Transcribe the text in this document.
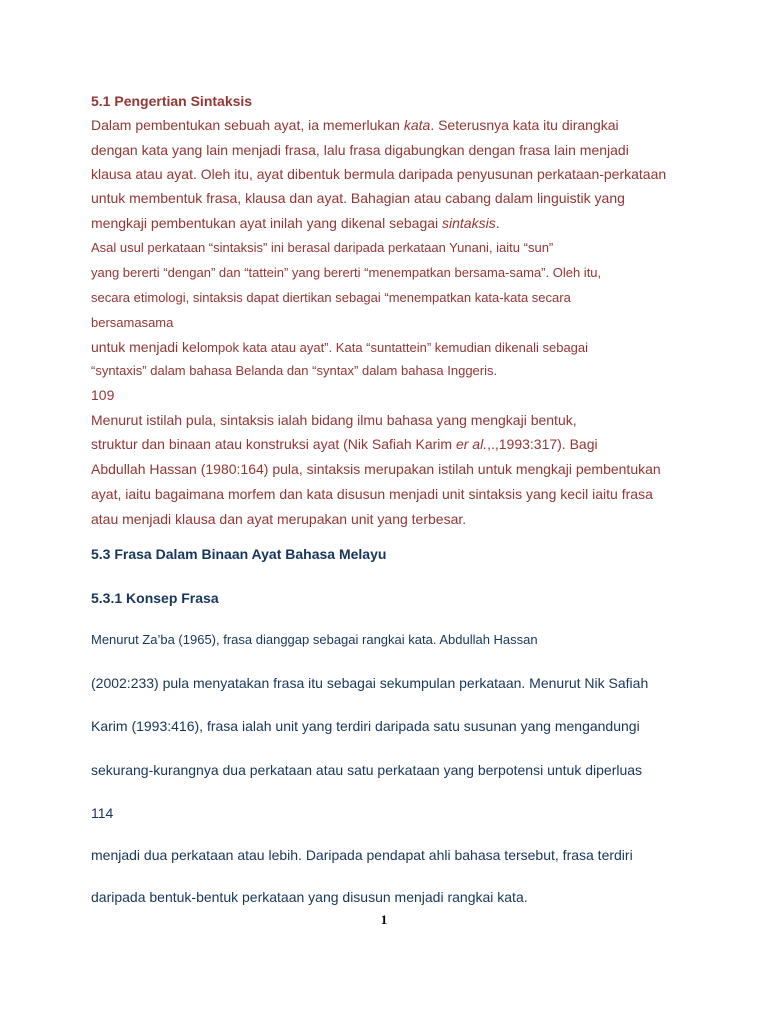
5.1 Pengertian Sintaksis
Dalam pembentukan sebuah ayat, ia memerlukan kata. Seterusnya kata itu dirangkai
dengan kata yang lain menjadi frasa, lalu frasa digabungkan dengan frasa lain menjadi
klausa atau ayat. Oleh itu, ayat dibentuk bermula daripada penyusunan perkataan-perkataan
untuk membentuk frasa, klausa dan ayat. Bahagian atau cabang dalam linguistik yang
mengkaji pembentukan ayat inilah yang dikenal sebagai sintaksis.
Asal usul perkataan “sintaksis” ini berasal daripada perkataan Yunani, iaitu “sun”
yang bererti “dengan” dan “tattein” yang bererti “menempatkan bersama-sama”. Oleh itu,
secara etimologi, sintaksis dapat diertikan sebagai “menempatkan kata-kata secara
bersamasama
untuk menjadi kelompok kata atau ayat”. Kata “suntattein” kemudian dikenali sebagai
“syntaxis” dalam bahasa Belanda dan “syntax” dalam bahasa Inggeris.
109
Menurut istilah pula, sintaksis ialah bidang ilmu bahasa yang mengkaji bentuk,
struktur dan binaan atau konstruksi ayat (Nik Safiah Karim er al.,.,1993:317). Bagi
Abdullah Hassan (1980:164) pula, sintaksis merupakan istilah untuk mengkaji pembentukan
ayat, iaitu bagaimana morfem dan kata disusun menjadi unit sintaksis yang kecil iaitu frasa
atau menjadi klausa dan ayat merupakan unit yang terbesar.
5.3 Frasa Dalam Binaan Ayat Bahasa Melayu
5.3.1 Konsep Frasa
Menurut Za’ba (1965), frasa dianggap sebagai rangkai kata. Abdullah Hassan
(2002:233) pula menyatakan frasa itu sebagai sekumpulan perkataan. Menurut Nik Safiah
Karim (1993:416), frasa ialah unit yang terdiri daripada satu susunan yang mengandungi
sekurang-kurangnya dua perkataan atau satu perkataan yang berpotensi untuk diperluas
114
menjadi dua perkataan atau lebih. Daripada pendapat ahli bahasa tersebut, frasa terdiri
daripada bentuk-bentuk perkataan yang disusun menjadi rangkai kata.
1
